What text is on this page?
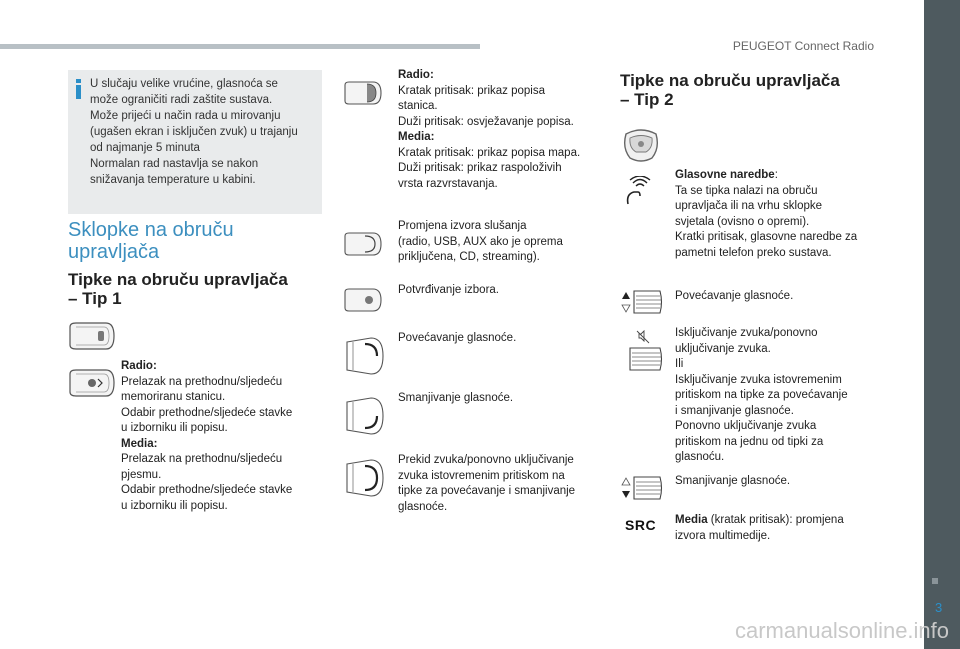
PEUGEOT Connect Radio
3
carmanualsonline.info
U slučaju velike vrućine, glasnoća se
može ograničiti radi zaštite sustava.
Može prijeći u način rada u mirovanju
(ugašen ekran i isključen zvuk) u trajanju
od najmanje 5 minuta
Normalan rad nastavlja se nakon
snižavanja temperature u kabini.
Sklopke na obruču
upravljača
Tipke na obruču upravljača
– Tip 1
Radio:
Prelazak na prethodnu/sljedeću
memoriranu stanicu.
Odabir prethodne/sljedeće stavke
u izborniku ili popisu.
Media:
Prelazak na prethodnu/sljedeću
pjesmu.
Odabir prethodne/sljedeće stavke
u izborniku ili popisu.
Radio:
Kratak pritisak: prikaz popisa
stanica.
Duži pritisak: osvježavanje popisa.
Media:
Kratak pritisak: prikaz popisa mapa.
Duži pritisak: prikaz raspoloživih
vrsta razvrstavanja.
Promjena izvora slušanja
(radio, USB, AUX ako je oprema
priključena, CD, streaming).
Potvrđivanje izbora.
Povećavanje glasnoće.
Smanjivanje glasnoće.
Prekid zvuka/ponovno uključivanje
zvuka istovremenim pritiskom na
tipke za povećavanje i smanjivanje
glasnoće.
Tipke na obruču upravljača
– Tip 2
Glasovne naredbe:
Ta se tipka nalazi na obruču
upravljača ili na vrhu sklopke
svjetala (ovisno o opremi).
Kratki pritisak, glasovne naredbe za
pametni telefon preko sustava.
Povećavanje glasnoće.
Isključivanje zvuka/ponovno
uključivanje zvuka.
Ili
Isključivanje zvuka istovremenim
pritiskom na tipke za povećavanje
i smanjivanje glasnoće.
Ponovno uključivanje zvuka
pritiskom na jednu od tipki za
glasnoću.
Smanjivanje glasnoće.
SRC Media (kratak pritisak): promjena
izvora multimedije.
